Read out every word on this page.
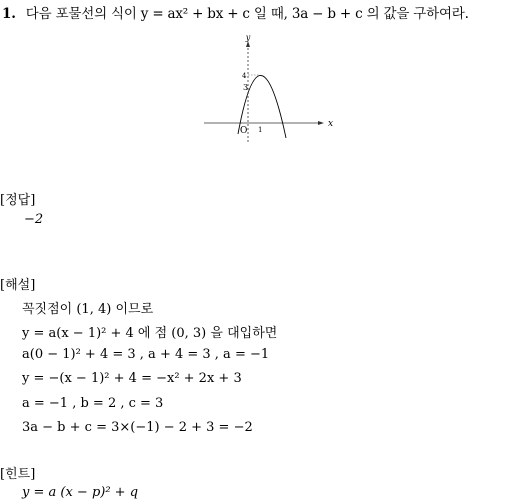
1. 다음 포물선의 식이 y = ax² + bx + c 일 때, 3a − b + c 의 값을 구하여라.
y
x
O
4
3
1
[정답]
−2
[해설]
꼭짓점이 (1, 4) 이므로
y = a(x − 1)² + 4 에 점 (0, 3) 을 대입하면
a(0 − 1)² + 4 = 3 , a + 4 = 3 , a = −1
y = −(x − 1)² + 4 = −x² + 2x + 3
a = −1 , b = 2 , c = 3
3a − b + c = 3×(−1) − 2 + 3 = −2
[힌트]
y = a (x − p)² + q
